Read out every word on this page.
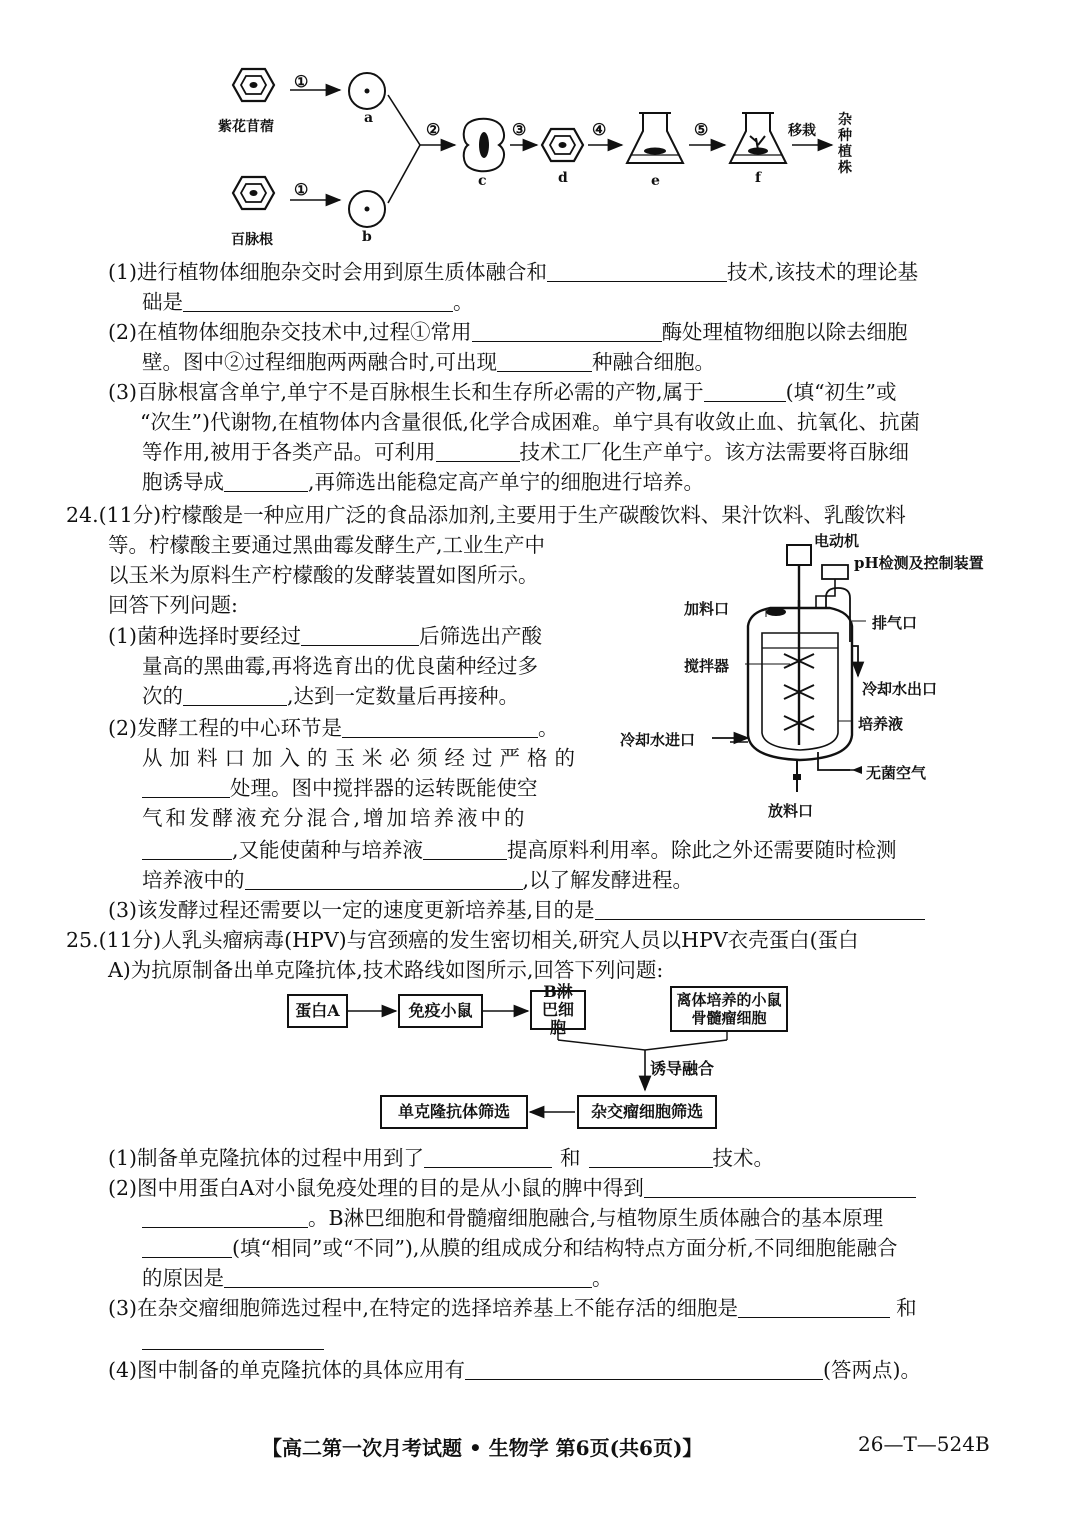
①
①
②	③	④	⑤	移栽
杂种植株
紫花苜蓿
百脉根
a
b
c	d	e	f
(1)进行植物体细胞杂交时会用到原生质体融合和	技术,该技术的理论基
础是	。
(2)在植物体细胞杂交技术中,过程①常用	酶处理植物细胞以除去细胞
壁。图中②过程细胞两两融合时,可出现	种融合细胞。
(3)百脉根富含单宁,单宁不是百脉根生长和生存所必需的产物,属于	(填“初生”或
“次生”)代谢物,在植物体内含量很低,化学合成困难。单宁具有收敛止血、抗氧化、抗菌
等作用,被用于各类产品。可利用	技术工厂化生产单宁。该方法需要将百脉细
胞诱导成	,再筛选出能稳定高产单宁的细胞进行培养。
24.(11分)柠檬酸是一种应用广泛的食品添加剂,主要用于生产碳酸饮料、果汁饮料、乳酸饮料
等。柠檬酸主要通过黑曲霉发酵生产,工业生产中
以玉米为原料生产柠檬酸的发酵装置如图所示。
回答下列问题:
(1)菌种选择时要经过	后筛选出产酸
量高的黑曲霉,再将选育出的优良菌种经过多
次的	,达到一定数量后再接种。
(2)发酵工程的中心环节是	。
从加料口加入的玉米必须经过严格的
处理。图中搅拌器的运转既能使空
气和发酵液充分混合,增加培养液中的
,又能使菌种与培养液	提高原料利用率。除此之外还需要随时检测
培养液中的	,以了解发酵进程。
(3)该发酵过程还需要以一定的速度更新培养基,目的是
电动机
pH检测及控制装置
加料口
排气口
搅拌器
冷却水出口
培养液
冷却水进口
无菌空气
放料口
25.(11分)人乳头瘤病毒(HPV)与宫颈癌的发生密切相关,研究人员以HPV衣壳蛋白(蛋白
A)为抗原制备出单克隆抗体,技术路线如图所示,回答下列问题:
蛋白A	免疫小鼠
B淋巴细胞
离体培养的小鼠骨髓瘤细胞
诱导融合
杂交瘤细胞筛选
单克隆抗体筛选
(1)制备单克隆抗体的过程中用到了	和	技术。
(2)图中用蛋白A对小鼠免疫处理的目的是从小鼠的脾中得到
。B淋巴细胞和骨髓瘤细胞融合,与植物原生质体融合的基本原理
(填“相同”或“不同”),从膜的组成成分和结构特点方面分析,不同细胞能融合
的原因是	。
(3)在杂交瘤细胞筛选过程中,在特定的选择培养基上不能存活的细胞是	和
(4)图中制备的单克隆抗体的具体应用有	(答两点)。
【高二第一次月考试题 • 生物学 第6页(共6页)】	26—T—524B
